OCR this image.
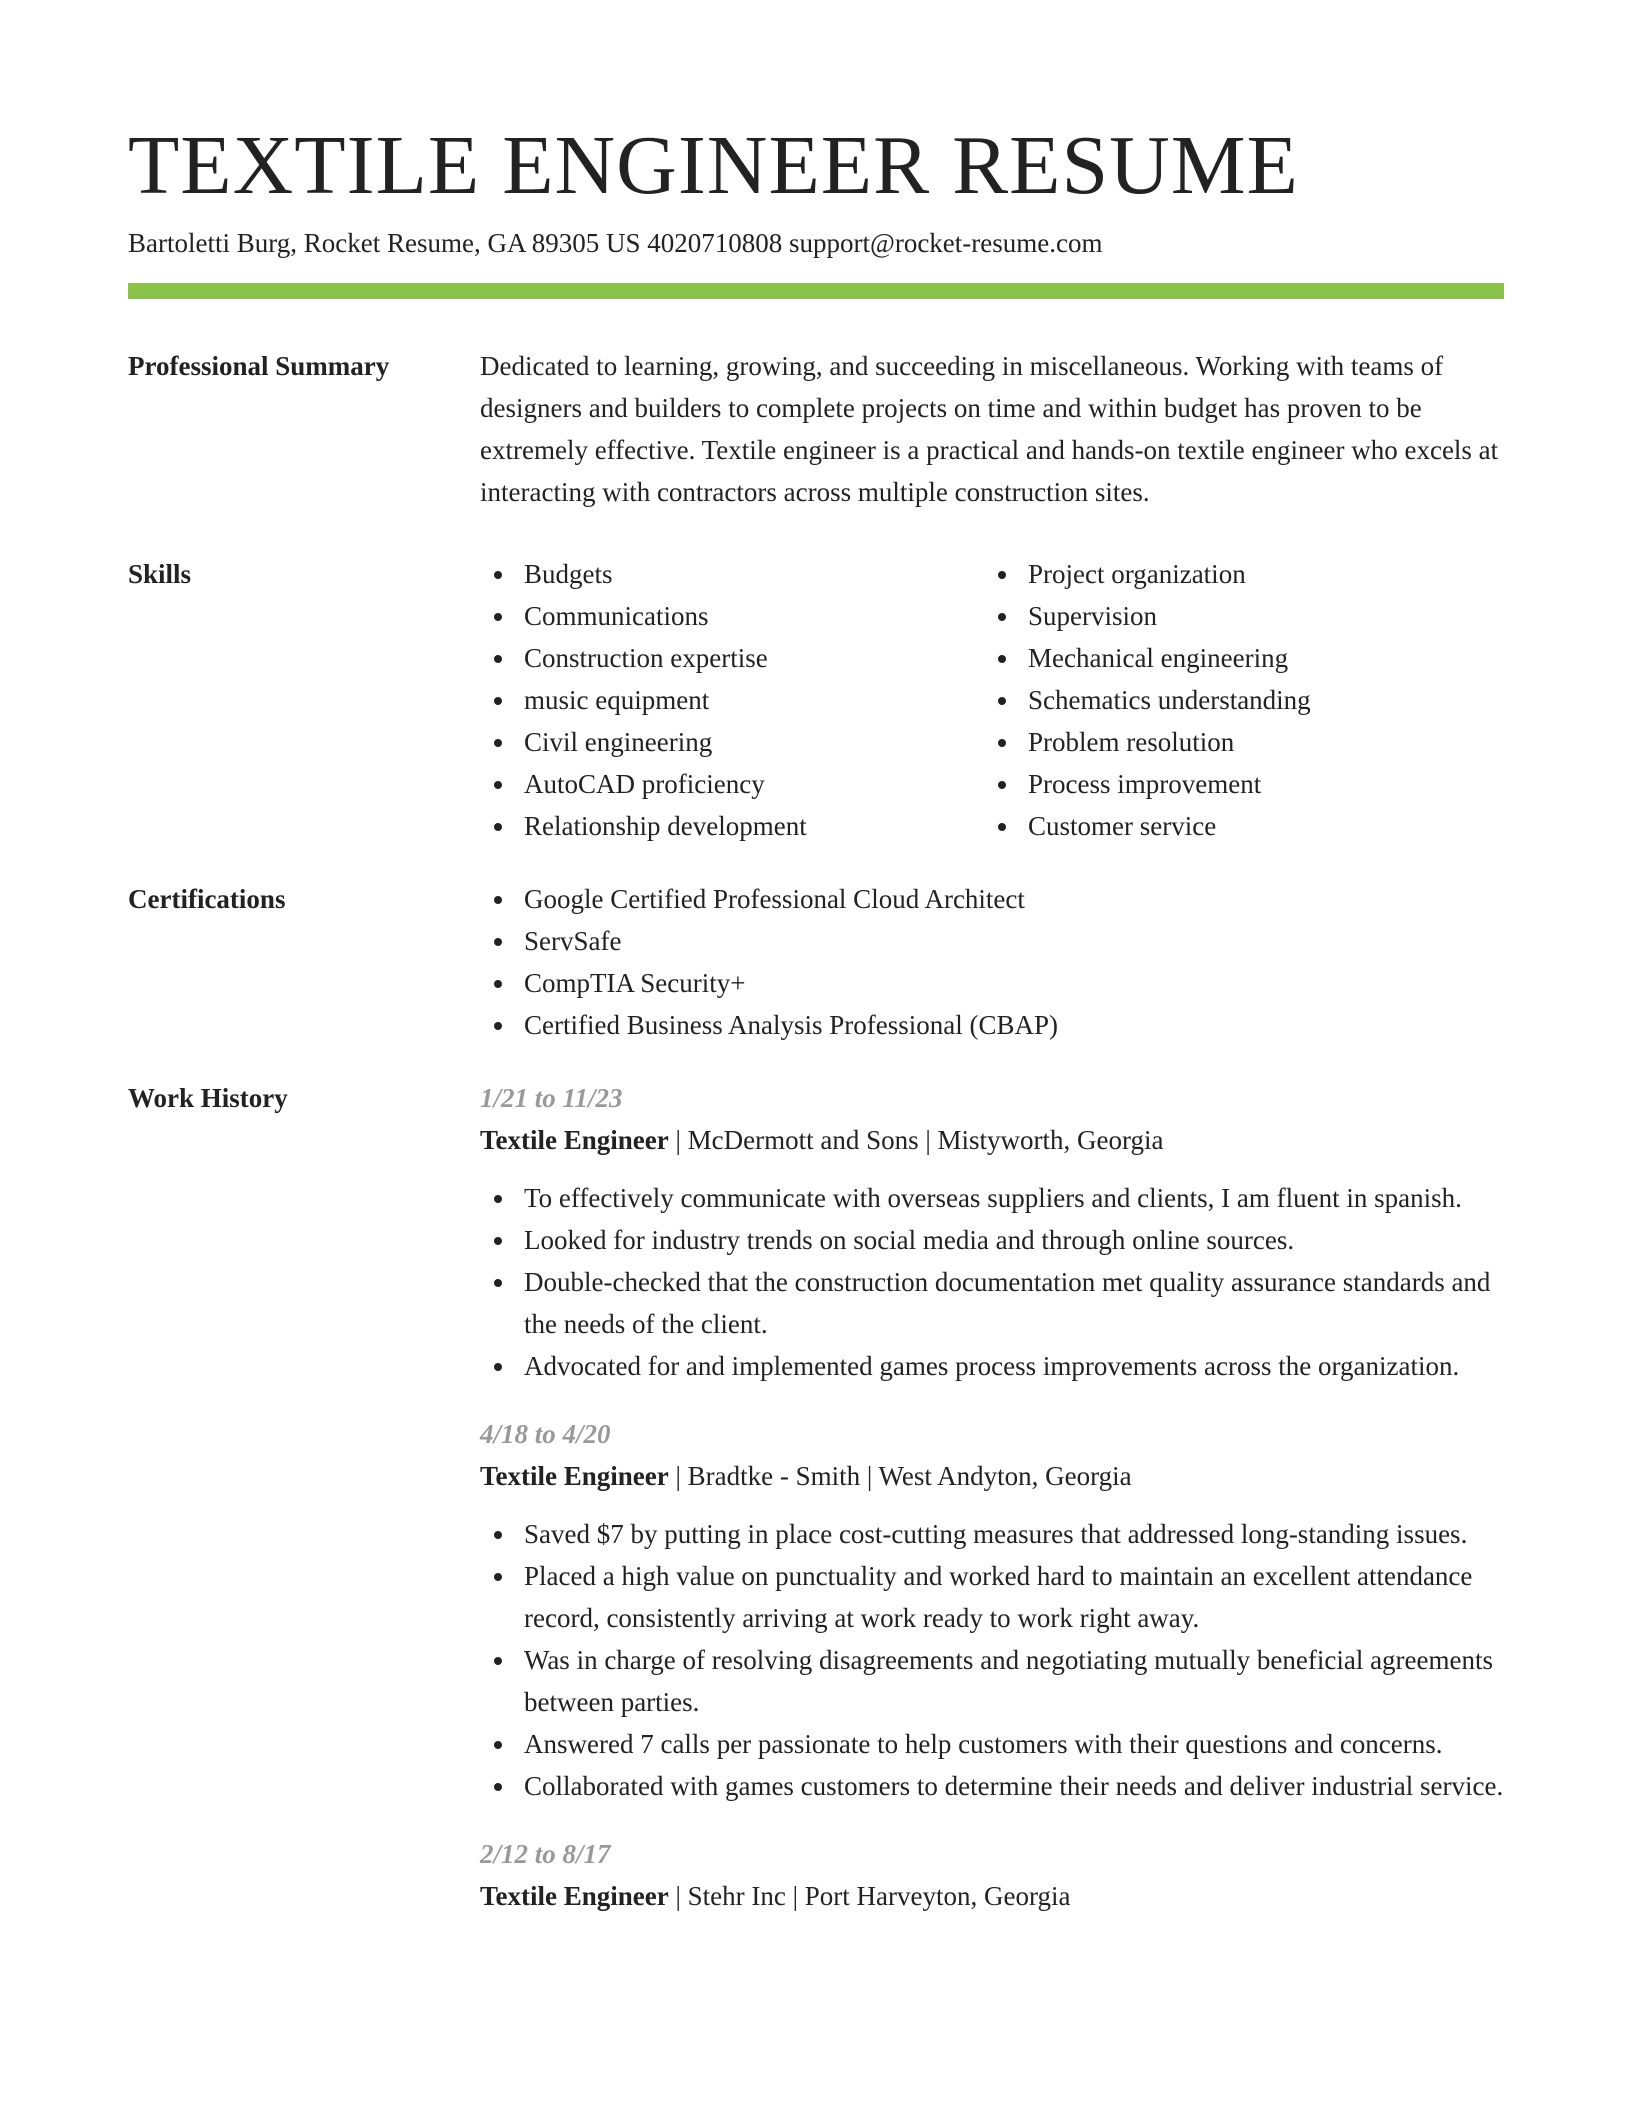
TEXTILE ENGINEER RESUME
Bartoletti Burg, Rocket Resume, GA 89305 US 4020710808 support@rocket-resume.com
Professional Summary	Dedicated to learning, growing, and succeeding in miscellaneous. Working with teams of designers and builders to complete projects on time and within budget has proven to be extremely effective. Textile engineer is a practical and hands-on textile engineer who excels at interacting with contractors across multiple construction sites.
Skills	Budgets
Communications
Construction expertise
music equipment
Civil engineering
AutoCAD proficiency
Relationship development
Project organization
Supervision
Mechanical engineering
Schematics understanding
Problem resolution
Process improvement
Customer service
Certifications	Google Certified Professional Cloud Architect
ServSafe
CompTIA Security+
Certified Business Analysis Professional (CBAP)
Work History	1/21 to 11/23
Textile Engineer | McDermott and Sons | Mistyworth, Georgia
To effectively communicate with overseas suppliers and clients, I am fluent in spanish.
Looked for industry trends on social media and through online sources.
Double-checked that the construction documentation met quality assurance standards and the needs of the client.
Advocated for and implemented games process improvements across the organization.
4/18 to 4/20
Textile Engineer | Bradtke - Smith | West Andyton, Georgia
Saved $7 by putting in place cost-cutting measures that addressed long-standing issues.
Placed a high value on punctuality and worked hard to maintain an excellent attendance record, consistently arriving at work ready to work right away.
Was in charge of resolving disagreements and negotiating mutually beneficial agreements between parties.
Answered 7 calls per passionate to help customers with their questions and concerns.
Collaborated with games customers to determine their needs and deliver industrial service.
2/12 to 8/17
Textile Engineer | Stehr Inc | Port Harveyton, Georgia
